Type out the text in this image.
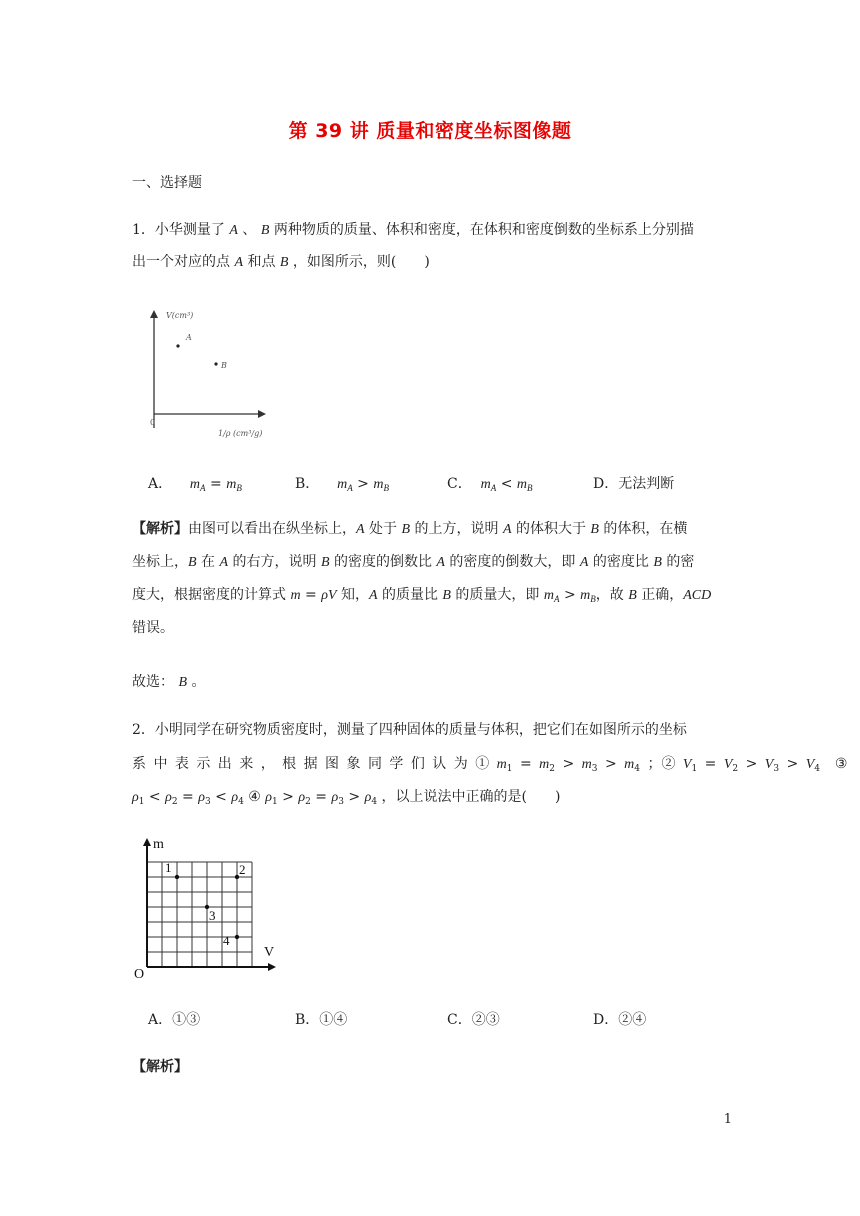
第 39 讲 质量和密度坐标图像题
一、选择题
1．小华测量了 A 、 B 两种物质的质量、体积和密度，在体积和密度倒数的坐标系上分别描
出一个对应的点 A 和点 B ，如图所示，则(　　)
V(cm³)
0
1/ρ (cm³/g)
A
B
A．    $m_A = m_B$	B．    $m_A > m_B$	C．  $m_A < m_B$	D．无法判断

【解析】由图可以看出在纵坐标上，A 处于 B 的上方，说明 A 的体积大于 B 的体积，在横

坐标上，B 在 A 的右方，说明 B 的密度的倒数比 A 的密度的倒数大，即 A 的密度比 B 的密

度大，根据密度的计算式 m = ρV 知，A 的质量比 B 的质量大，即 $m_A > m_B$，故 B 正确，ACD

错误。

故选： B 。
2．小明同学在研究物质密度时，测量了四种固体的质量与体积，把它们在如图所示的坐标
系 中 表 示 出 来 ， 根 据 图 象 同 学 们 认 为 ① $m_1 = m_2 > m_3 > m_4$ ；② $V_1 = V_2 > V_3 > V_4$  ③
$\rho_1 < \rho_2 = \rho_3 < \rho_4$ ④ $\rho_1 > \rho_2 = \rho_3 > \rho_4$ ，以上说法中正确的是(　　)
m
V
O
1	2
3
4
A．①③	B．①④	C．②③	D．②④
【解析】
1
